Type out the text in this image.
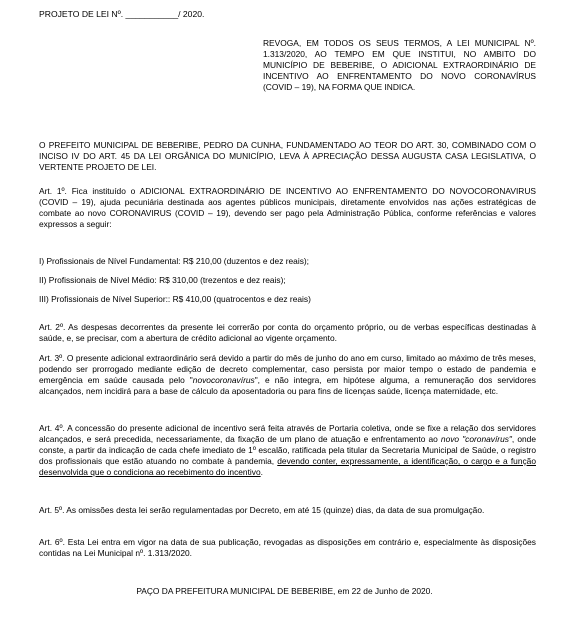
PROJETO DE LEI Nº. ___________/ 2020.
REVOGA, EM TODOS OS SEUS TERMOS, A LEI MUNICIPAL Nº. 1.313/2020, AO TEMPO EM QUE INSTITUI, NO AMBITO DO MUNICÍPIO DE BEBERIBE, O ADICIONAL EXTRAORDINÁRIO DE INCENTIVO AO ENFRENTAMENTO DO NOVO CORONAVÍRUS (COVID – 19), NA FORMA QUE INDICA.
O PREFEITO MUNICIPAL DE BEBERIBE, PEDRO DA CUNHA, FUNDAMENTADO AO TEOR DO ART. 30, COMBINADO COM O INCISO IV DO ART. 45 DA LEI ORGÂNICA DO MUNICÍPIO, LEVA À APRECIAÇÃO DESSA AUGUSTA CASA LEGISLATIVA, O VERTENTE PROJETO DE LEI.
Art. 1º. Fica instituído o ADICIONAL EXTRAORDINÁRIO DE INCENTIVO AO ENFRENTAMENTO DO NOVOCORONAVIRUS (COVID – 19), ajuda pecuniária destinada aos agentes públicos municipais, diretamente envolvidos nas ações estratégicas de combate ao novo CORONAVIRUS (COVID – 19), devendo ser pago pela Administração Pública, conforme referências e valores expressos a seguir:
I) Profissionais de Nível Fundamental: R$ 210,00 (duzentos e dez reais);
II) Profissionais de Nível Médio: R$ 310,00 (trezentos e dez reais);
III) Profissionais de Nível Superior:: R$ 410,00 (quatrocentos e dez reais)
Art. 2º. As despesas decorrentes da presente lei correrão por conta do orçamento próprio, ou de verbas específicas destinadas à saúde, e, se precisar, com a abertura de crédito adicional ao vigente orçamento.
Art. 3º. O presente adicional extraordinário será devido a partir do mês de junho do ano em curso, limitado ao máximo de três meses, podendo ser prorrogado mediante edição de decreto complementar, caso persista por maior tempo o estado de pandemia e emergência em saúde causada pelo "novocoronavírus", e não integra, em hipótese alguma, a remuneração dos servidores alcançados, nem incidirá para a base de cálculo da aposentadoria ou para fins de licenças saúde, licença maternidade, etc.
Art. 4º. A concessão do presente adicional de incentivo será feita através de Portaria coletiva, onde se fixe a relação dos servidores alcançados, e será precedida, necessariamente, da fixação de um plano de atuação e enfrentamento ao novo "coronavírus", onde conste, a partir da indicação de cada chefe imediato de 1º escalão, ratificada pela titular da Secretaria Municipal de Saúde, o registro dos profissionais que estão atuando no combate à pandemia, devendo conter, expressamente, a identificação, o cargo e a função desenvolvida que o condiciona ao recebimento do incentivo.
Art. 5º. As omissões desta lei serão regulamentadas por Decreto, em até 15 (quinze) dias, da data de sua promulgação.
Art. 6º. Esta Lei entra em vigor na data de sua publicação, revogadas as disposições em contrário e, especialmente às disposições contidas na Lei Municipal nº. 1.313/2020.
PAÇO DA PREFEITURA MUNICIPAL DE BEBERIBE, em 22 de Junho de 2020.
